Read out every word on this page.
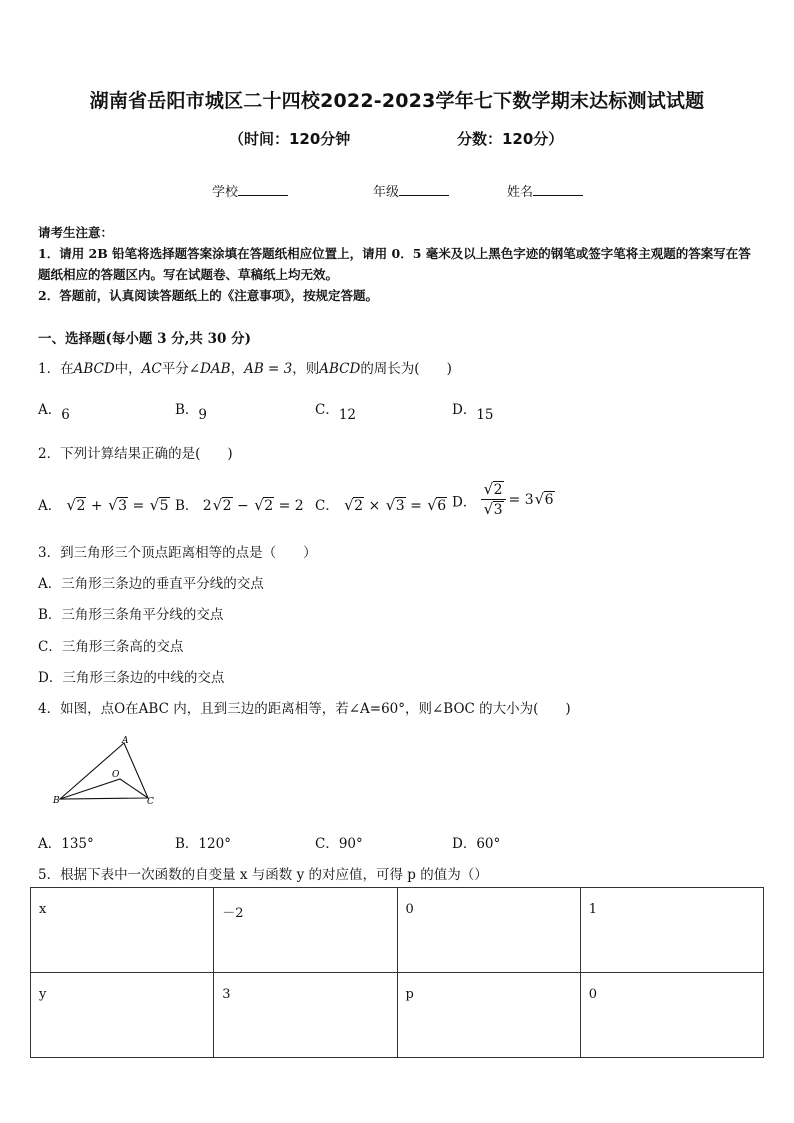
湖南省岳阳市城区二十四校2022-2023学年七下数学期末达标测试试题
（时间：120分钟	分数：120分）
学校	年级	姓名

请考生注意：

1．请用 2B 铅笔将选择题答案涂填在答题纸相应位置上，请用 0．5 毫米及以上黑色字迹的钢笔或签字笔将主观题的答案写在答题纸相应的答题区内。写在试题卷、草稿纸上均无效。

2．答题前，认真阅读答题纸上的《注意事项》，按规定答题。

一、选择题(每小题 3 分,共 30 分)
1．在ABCD中，AC平分∠DAB，AB = 3，则ABCD的周长为(　　)
A．6	B．9	C．12	D．15
2．下列计算结果正确的是(　　)
A． √ 2 + √ 3 = √ 5 B． 2 √ 2 − √ 2 = 2 C． √ 2 × √ 3 = √ 6 D． √ 2
√ 3 = 3 √ 6
3．到三角形三个顶点距离相等的点是（　　）
A．三角形三条边的垂直平分线的交点
B．三角形三条角平分线的交点
C．三角形三条高的交点
D．三角形三条边的中线的交点
4．如图，点O在ABC 内，且到三边的距离相等，若∠A=60°，则∠BOC 的大小为(　　)
A
B	C
O
A．135°	B．120°	C．90°	D．60°
5．根据下表中一次函数的自变量 x 与函数 y 的对应值，可得 p 的值为（）
x	－2	0	1
y	3	p	0
